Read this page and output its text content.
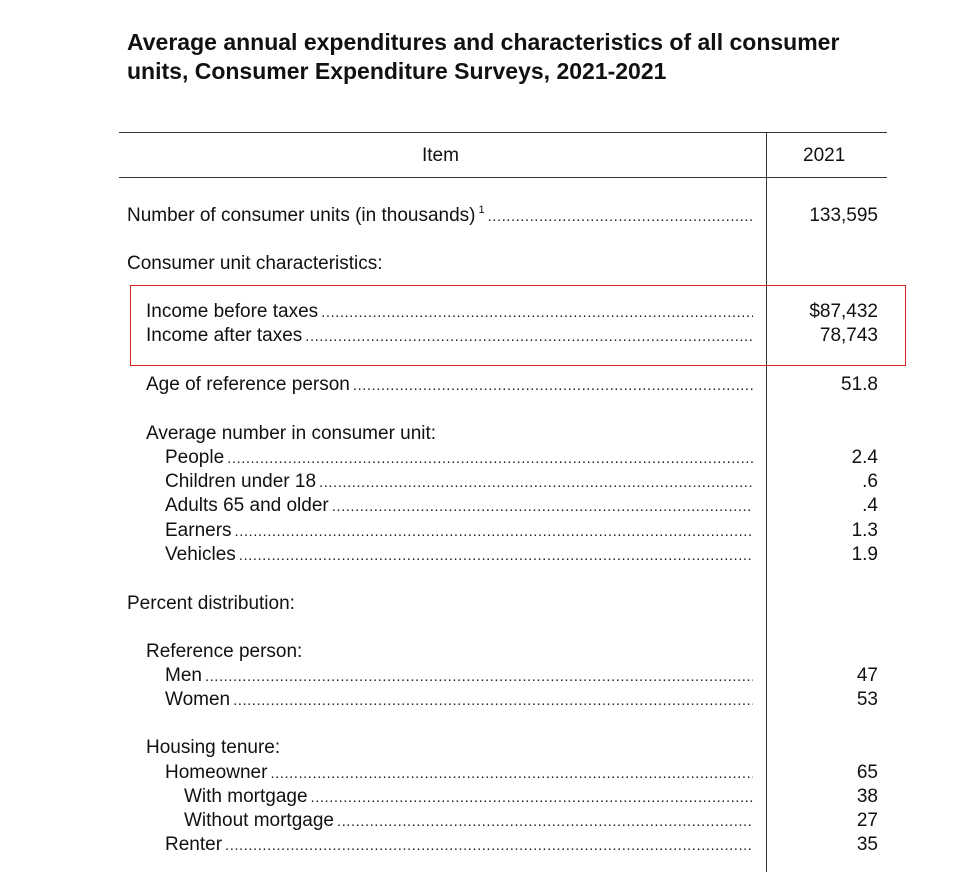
Average annual expenditures and characteristics of all consumer units, Consumer Expenditure Surveys, 2021-2021
Item	2021
Number of consumer units (in thousands) 1 .....	133,595
Consumer unit characteristics:
Income before taxes .....	$87,432
Income after taxes .....	78,743
Age of reference person .....	51.8
Average number in consumer unit:
People .....	2.4
Children under 18 .....	.6
Adults 65 and older .....	.4
Earners .....	1.3
Vehicles .....	1.9
Percent distribution:
Reference person:
Men .....	47
Women .....	53
Housing tenure:
Homeowner .....	65
With mortgage .....	38
Without mortgage .....	27
Renter .....	35
